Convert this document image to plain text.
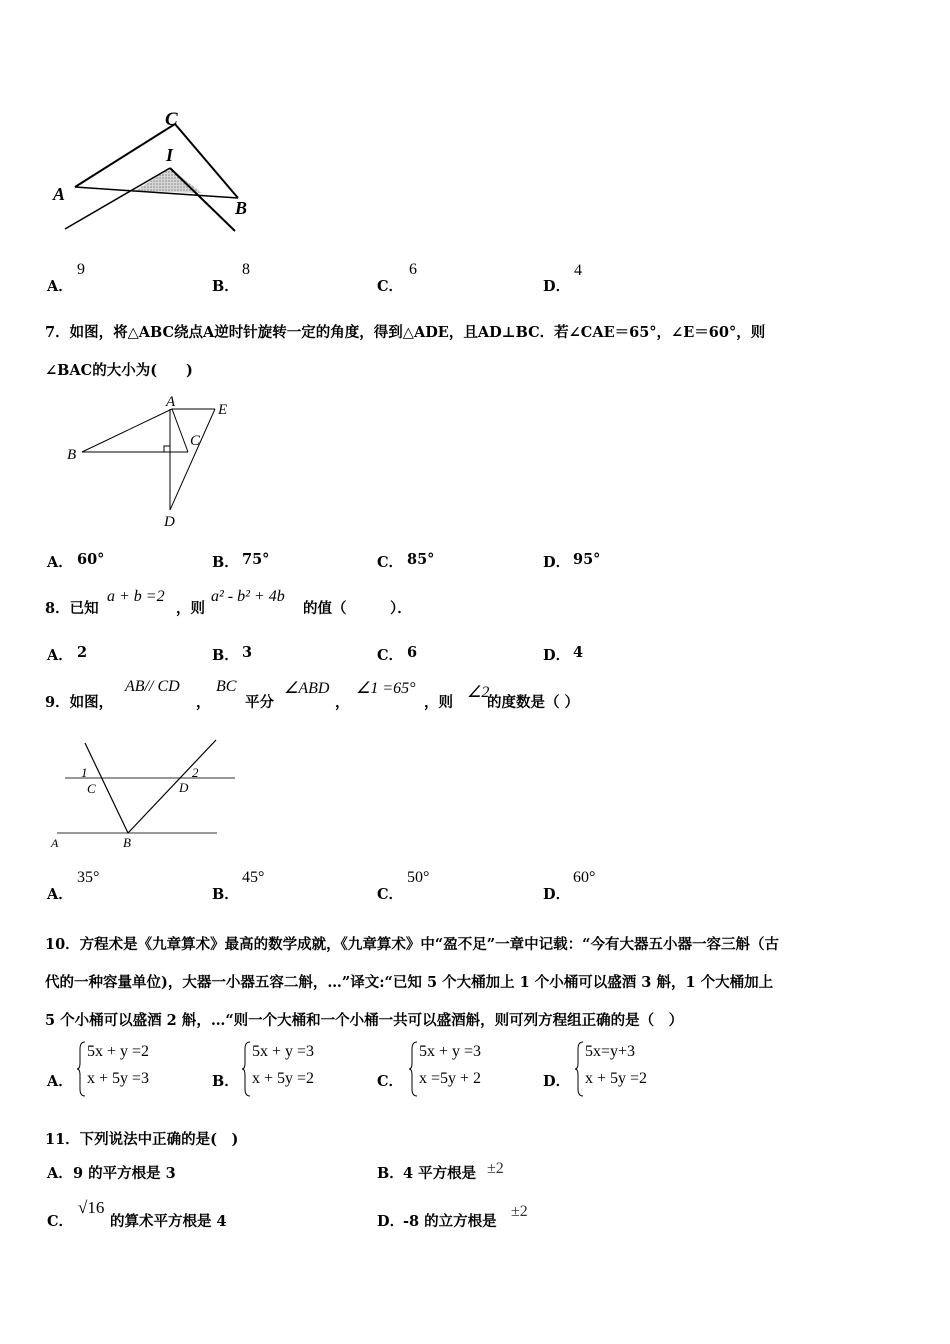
C
I
A
B
A．
9
B．
8
C．
6
D．
4
7．如图，将△ABC绕点A逆时针旋转一定的角度，得到△ADE，且AD⊥BC．若∠CAE＝65°，∠E＝60°，则
∠BAC的大小为(　　)
A	E
B
C
D
A． 60°	B． 75°	C． 85°	D． 95°
8．已知
a + b =2
，则
a² - b² + 4b
的值（　　　）．
A． 2	B． 3	C． 6	D． 4
9．如图，
AB// CD
，
BC
平分
∠ABD
，
∠1 =65°
，则
∠2
的度数是（ ）
1	2
C	D
A	B
A．
35°
B．
45°
C．
50°
D．
60°
10．方程术是《九章算术》最高的数学成就，《九章算术》中“盈不足”一章中记载：“今有大器五小器一容三斛（古
代的一种容量单位)，大器一小器五容二斛，…”译文:“已知 5 个大桶加上 1 个小桶可以盛酒 3 斛，1 个大桶加上
5 个小桶可以盛酒 2 斛，…“则一个大桶和一个小桶一共可以盛酒斛，则可列方程组正确的是（　）
A．
5x + y =2
x + 5y =3	B．
5x + y =3
x + 5y =2	C．
5x + y =3
x =5y + 2	D．
5x=y+3
x + 5y =2
11．下列说法中正确的是(　)
A． 9 的平方根是 3	B． 4 平方根是 ±2
C．
√16
的算术平方根是 4	D．
-8 的立方根是
±2
